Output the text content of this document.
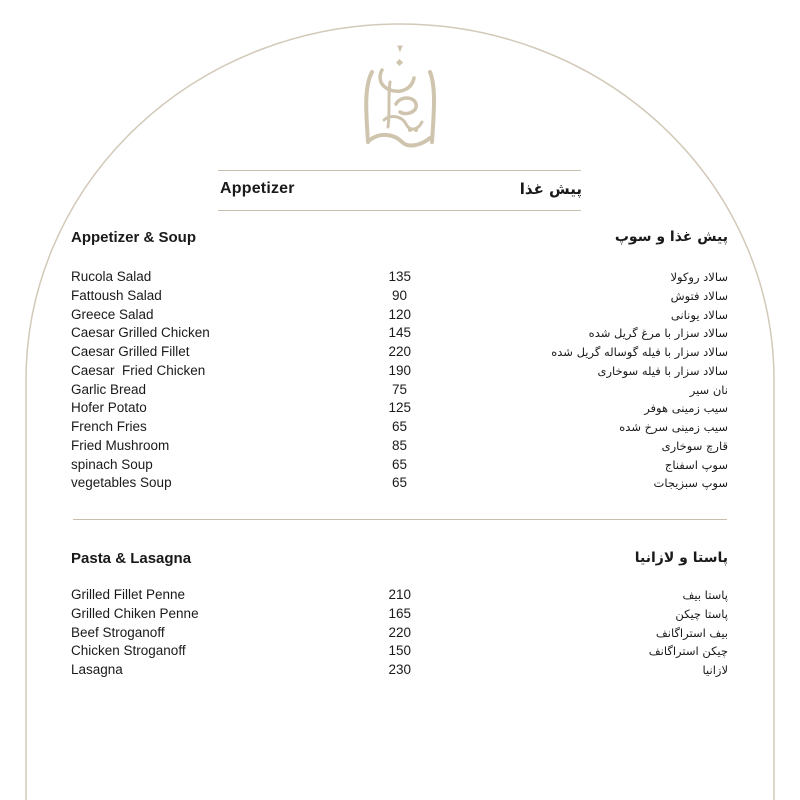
Appetizer	پیش غذا
Appetizer & Soup	پیش غذا و سوپ
Rucola Salad	135	سالاد روکولا
Fattoush Salad	90	سالاد فتوش
Greece Salad	120	سالاد یونانی
Caesar Grilled Chicken	145	سالاد سزار با مرغ گریل شده
Caesar Grilled Fillet	220	سالاد سزار با فیله گوساله گریل شده
Caesar  Fried Chicken	190	سالاد سزار با فیله سوخاری
Garlic Bread	75	نان سیر
Hofer Potato	125	سیب زمینی هوفر
French Fries	65	سیب زمینی سرخ شده
Fried Mushroom	85	قارچ سوخاری
spinach Soup	65	سوپ اسفناج
vegetables Soup	65	سوپ سبزیجات
Pasta & Lasagna	پاستا و لازانیا
Grilled Fillet Penne	210	پاستا بیف
Grilled Chiken Penne	165	پاستا چیکن
Beef Stroganoff	220	بیف استراگانف
Chicken Stroganoff	150	چیکن استراگانف
Lasagna	230	لازانیا
